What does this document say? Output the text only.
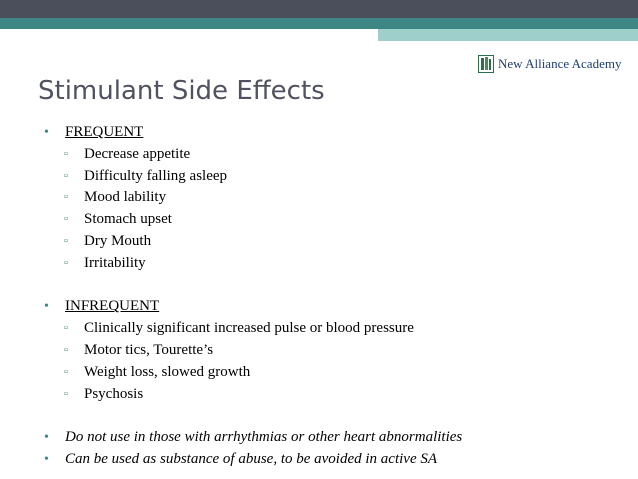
New Alliance Academy
Stimulant Side Effects
• FREQUENT
▫ Decrease appetite
▫ Difficulty falling asleep
▫ Mood lability
▫ Stomach upset
▫ Dry Mouth
▫ Irritability
• INFREQUENT
▫ Clinically significant increased pulse or blood pressure
▫ Motor tics, Tourette’s
▫ Weight loss, slowed growth
▫ Psychosis
• Do not use in those with arrhythmias or other heart abnormalities
• Can be used as substance of abuse, to be avoided in active SA
